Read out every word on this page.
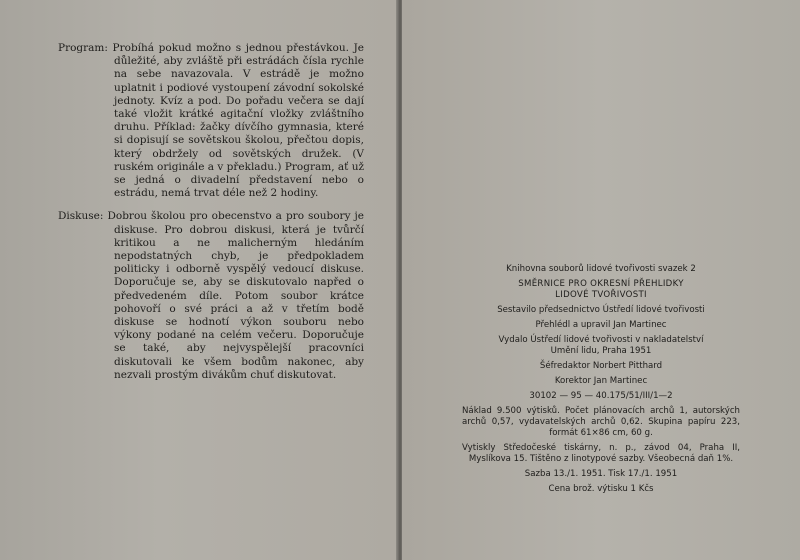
Program: Probíhá pokud možno s jednou přestávkou. Je důležité, aby zvláště při estrádách čísla rychle na sebe navazovala. V estrádě je možno uplatnit i podiové vystoupení závodní sokolské jednoty. Kvíz a pod. Do pořadu večera se dají také vložit krátké agitační vložky zvláštního druhu. Příklad: žačky dívčího gymnasia, které si dopisují se sovětskou školou, přečtou dopis, který obdržely od sovětských družek. (V ruském originále a v překladu.) Program, ať už se jedná o divadelní představení nebo o estrádu, nemá trvat déle než 2 hodiny.

Diskuse: Dobrou školou pro obecenstvo a pro soubory je diskuse. Pro dobrou diskusi, která je tvůrčí kritikou a ne malicherným hledáním nepodstatných chyb, je předpokladem politicky i odborně vyspělý vedoucí diskuse. Doporučuje se, aby se diskutovalo napřed o předvedeném díle. Potom soubor krátce pohovoří o své práci a až v třetím bodě diskuse se hodnotí výkon souboru nebo výkony podané na celém večeru. Doporučuje se také, aby nejvyspělejší pracovníci diskutovali ke všem bodům nakonec, aby nezvali prostým divákům chuť diskutovat.

Knihovna souborů lidové tvořivosti svazek 2

SMĚRNICE PRO OKRESNÍ PŘEHLIDKY

LIDOVÉ TVOŘIVOSTI

Sestavilo předsednictvo Ústředí lidové tvořivosti

Přehlédl a upravil Jan Martinec

Vydalo Ústředí lidové tvořivosti v nakladatelství

Umění lidu, Praha 1951

Šéfredaktor Norbert Pitthard

Korektor Jan Martinec

30102 — 95 — 40.175/51/III/1—2

Náklad 9.500 výtisků. Počet plánovacích archů 1, autorských archů 0,57, vydavatelských archů 0,62. Skupina papíru 223, formát 61×86 cm, 60 g.

Vytiskly Středočeské tiskárny, n. p., závod 04, Praha II, Myslíkova 15. Tištěno z linotypové sazby. Všeobecná daň 1%.

Sazba 13./1. 1951. Tisk 17./1. 1951

Cena brož. výtisku 1 Kčs
